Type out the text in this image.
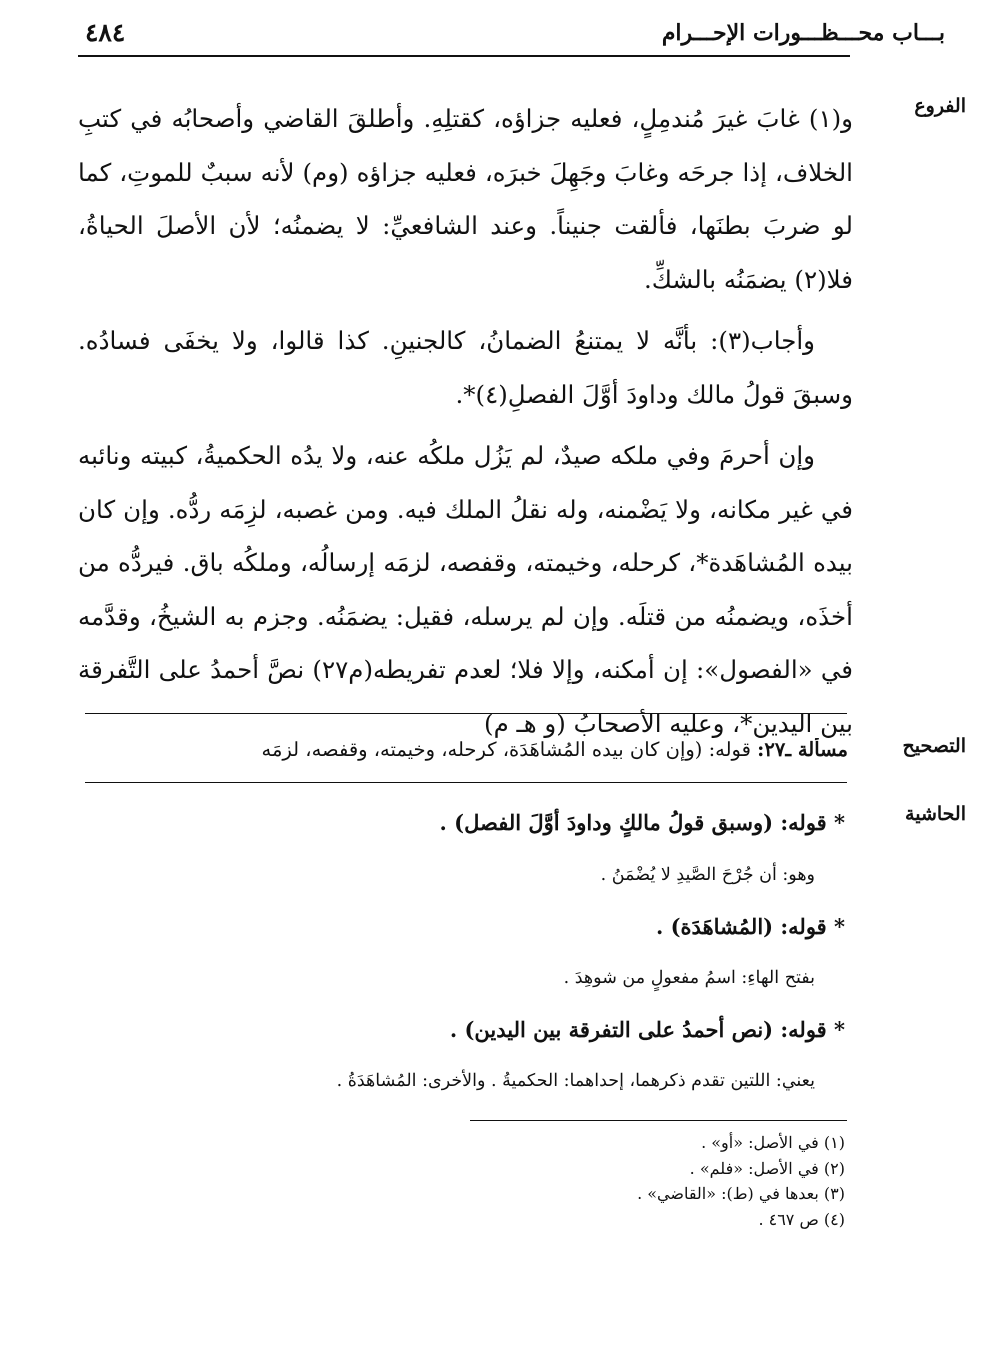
٤٨٤	بـــاب محـــظـــورات الإحـــرام
الفروع
التصحيح
الحاشية

و(١) غابَ غيرَ مُندمِلٍ، فعليه جزاؤه، كقتلِهِ. وأطلقَ القاضي وأصحابُه في كتبِ الخلاف، إذا جرحَه وغابَ وجَهِلَ خبرَه، فعليه جزاؤه (وم) لأنه سببٌ للموتِ، كما لو ضربَ بطنَها، فألقت جنيناً. وعند الشافعيِّ: لا يضمنُه؛ لأن الأصلَ الحياةُ، فلا(٢) يضمَنُه بالشكِّ.

وأجاب(٣): بأنَّه لا يمتنعُ الضمانُ، كالجنينِ. كذا قالوا، ولا يخفَى فسادُه. وسبقَ قولُ مالك وداودَ أوَّلَ الفصلِ(٤)*.

وإن أحرمَ وفي ملكه صيدٌ، لم يَزُل ملكُه عنه، ولا يدُه الحكميةُ، كبيته ونائبه في غير مكانه، ولا يَضْمنه، وله نقلُ الملك فيه. ومن غصبه، لزِمَه ردُّه. وإن كان بيده المُشاهَدة*، كرحله، وخيمته، وقفصه، لزمَه إرسالُه، وملكُه باق. فيردُّه من أخذَه، ويضمنُه من قتلَه. وإن لم يرسله، فقيل: يضمَنُه. وجزم به الشيخُ، وقدَّمه في «الفصول»: إن أمكنه، وإلا فلا؛ لعدم تفريطه(م٢٧) نصَّ أحمدُ على التَّفرقة بين اليدين*، وعليه الأصحابُ (و هـ م)

مسألة ـ٢٧: قوله: (وإن كان بيده المُشاهَدَة، كرحله، وخيمته، وقفصه، لزمَه
* قوله: (وسبق قولُ مالكٍ وداودَ أوَّلَ الفصل) .
وهو: أن جُرْحَ الصَّيدِ لا يُضْمَنُ .
* قوله: (المُشاهَدَة) .
بفتح الهاءِ: اسمُ مفعولٍ من شوهِدَ .
* قوله: (نص أحمدُ على التفرقة بين اليدين) .
يعني: اللتين تقدم ذكرهما، إحداهما: الحكميةُ . والأخرى: المُشاهَدَةُ .
(١) في الأصل: «أو» .
(٢) في الأصل: «فلم» .
(٣) بعدها في (ط): «القاضي» .
(٤) ص ٤٦٧ .
